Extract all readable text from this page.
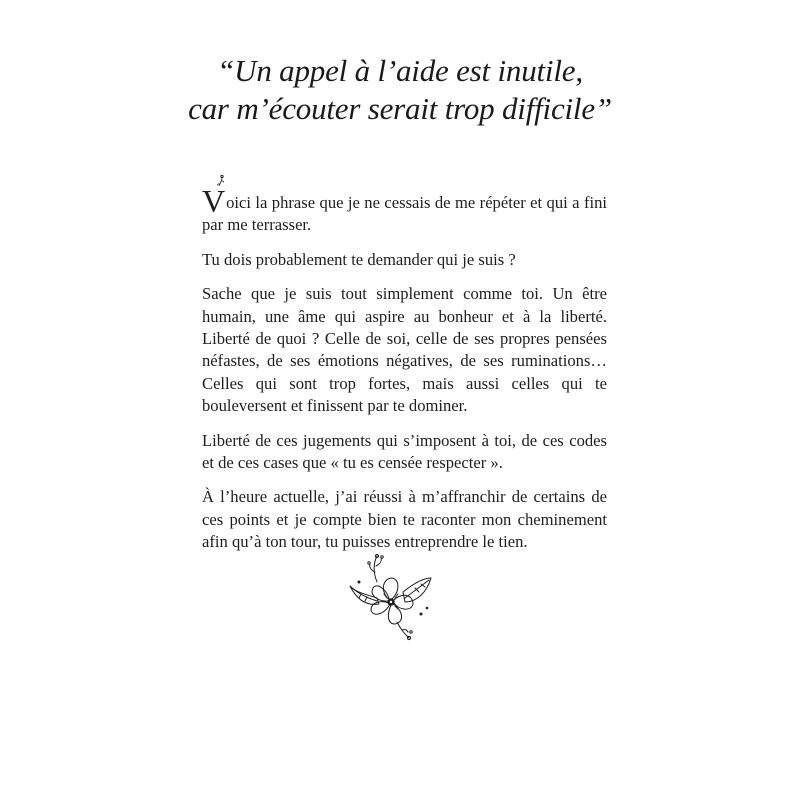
“Un appel à l’aide est inutile,
car m’écouter serait trop difficile”

Voici la phrase que je ne cessais de me répéter et qui a fini par me terrasser.

Tu dois probablement te demander qui je suis ?

Sache que je suis tout simplement comme toi. Un être humain, une âme qui aspire au bonheur et à la liberté. Liberté de quoi ? Celle de soi, celle de ses propres pensées néfastes, de ses émotions négatives, de ses ruminations… Celles qui sont trop fortes, mais aussi celles qui te bouleversent et finissent par te dominer.

Liberté de ces jugements qui s’imposent à toi, de ces codes et de ces cases que « tu es censée respecter ».

À l’heure actuelle, j’ai réussi à m’affranchir de certains de ces points et je compte bien te raconter mon cheminement afin qu’à ton tour, tu puisses entreprendre le tien.
